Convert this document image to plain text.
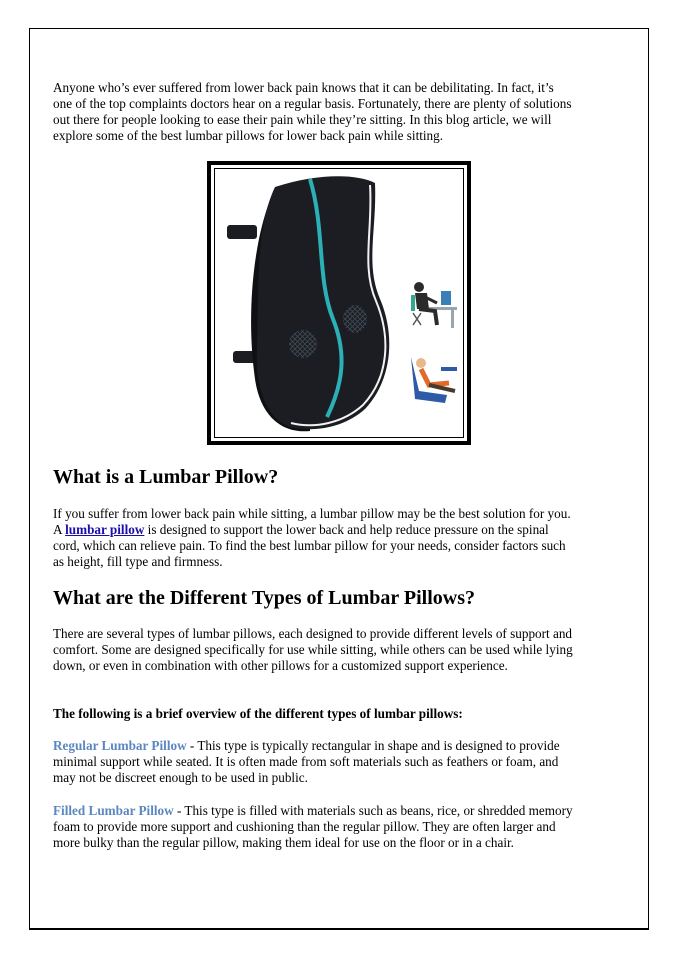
Anyone who’s ever suffered from lower back pain knows that it can be debilitating. In fact, it’s one of the top complaints doctors hear on a regular basis. Fortunately, there are plenty of solutions out there for people looking to ease their pain while they’re sitting. In this blog article, we will explore some of the best lumbar pillows for lower back pain while sitting.

What is a Lumbar Pillow?

If you suffer from lower back pain while sitting, a lumbar pillow may be the best solution for you. A lumbar pillow is designed to support the lower back and help reduce pressure on the spinal cord, which can relieve pain. To find the best lumbar pillow for your needs, consider factors such as height, fill type and firmness.

What are the Different Types of Lumbar Pillows?

There are several types of lumbar pillows, each designed to provide different levels of support and comfort. Some are designed specifically for use while sitting, while others can be used while lying down, or even in combination with other pillows for a customized support experience.

The following is a brief overview of the different types of lumbar pillows:

Regular Lumbar Pillow - This type is typically rectangular in shape and is designed to provide minimal support while seated. It is often made from soft materials such as feathers or foam, and may not be discreet enough to be used in public.

Filled Lumbar Pillow - This type is filled with materials such as beans, rice, or shredded memory foam to provide more support and cushioning than the regular pillow. They are often larger and more bulky than the regular pillow, making them ideal for use on the floor or in a chair.
